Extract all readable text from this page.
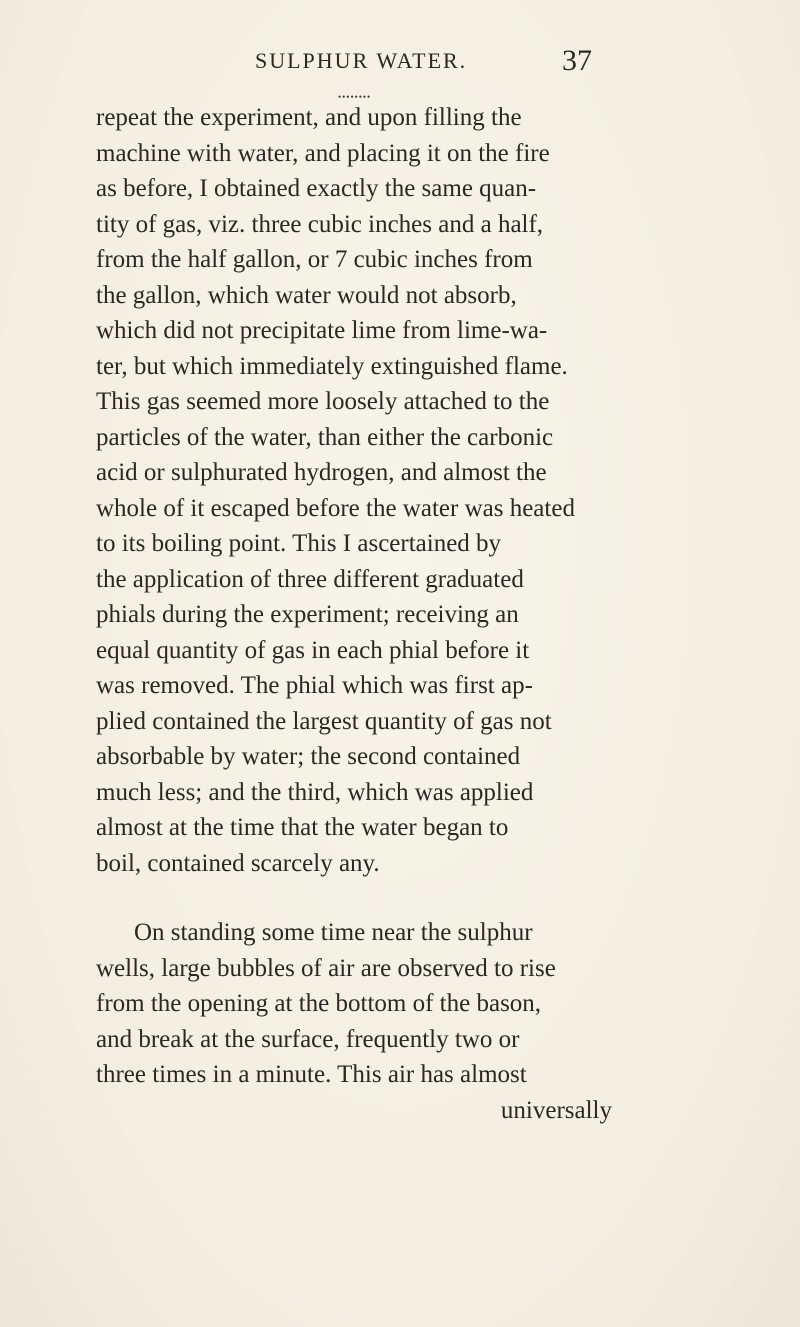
SULPHUR WATER.	37
••••••••

repeat the experiment, and upon filling the
machine with water, and placing it on the fire
as before, I obtained exactly the same quan-
tity of gas, viz. three cubic inches and a half,
from the half gallon, or 7 cubic inches from
the gallon, which water would not absorb,
which did not precipitate lime from lime-wa-
ter, but which immediately extinguished flame.
This gas seemed more loosely attached to the
particles of the water, than either the carbonic
acid or sulphurated hydrogen, and almost the
whole of it escaped before the water was heated
to its boiling point. This I ascertained by
the application of three different graduated
phials during the experiment; receiving an
equal quantity of gas in each phial before it
was removed. The phial which was first ap-
plied contained the largest quantity of gas not
absorbable by water; the second contained
much less; and the third, which was applied
almost at the time that the water began to
boil, contained scarcely any.

On standing some time near the sulphur
wells, large bubbles of air are observed to rise
from the opening at the bottom of the bason,
and break at the surface, frequently two or
three times in a minute. This air has almost
universally
